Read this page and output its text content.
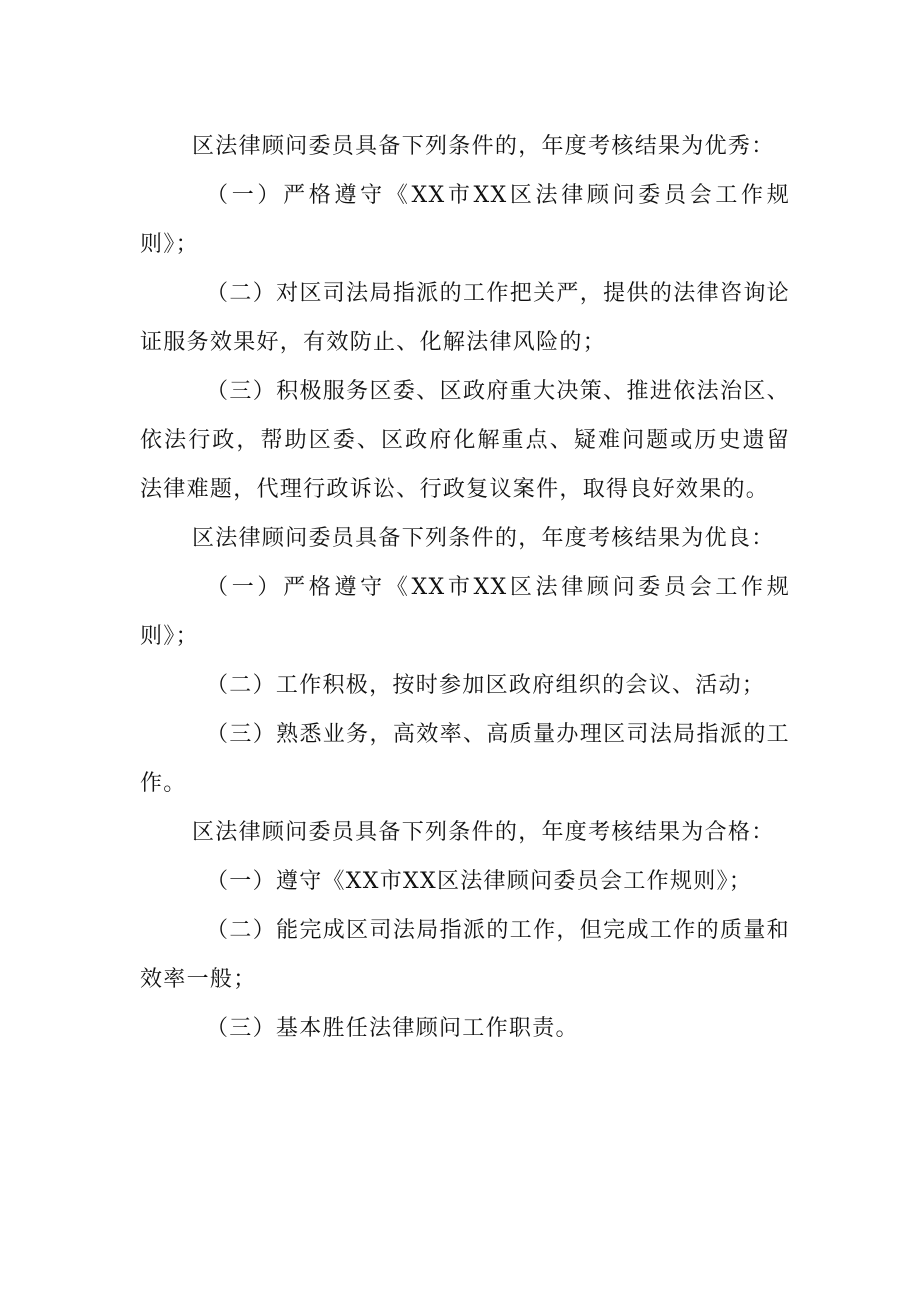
区法律顾问委员具备下列条件的，年度考核结果为优秀：

（一）严格遵守《XX市XX区法律顾问委员会工作规则》；

（二）对区司法局指派的工作把关严，提供的法律咨询论证服务效果好，有效防止、化解法律风险的；

（三）积极服务区委、区政府重大决策、推进依法治区、依法行政，帮助区委、区政府化解重点、疑难问题或历史遗留法律难题，代理行政诉讼、行政复议案件，取得良好效果的。

区法律顾问委员具备下列条件的，年度考核结果为优良：

（一）严格遵守《XX市XX区法律顾问委员会工作规则》；

（二）工作积极，按时参加区政府组织的会议、活动；

（三）熟悉业务，高效率、高质量办理区司法局指派的工作。

区法律顾问委员具备下列条件的，年度考核结果为合格：

（一）遵守《XX市XX区法律顾问委员会工作规则》；

（二）能完成区司法局指派的工作，但完成工作的质量和效率一般；

（三）基本胜任法律顾问工作职责。
